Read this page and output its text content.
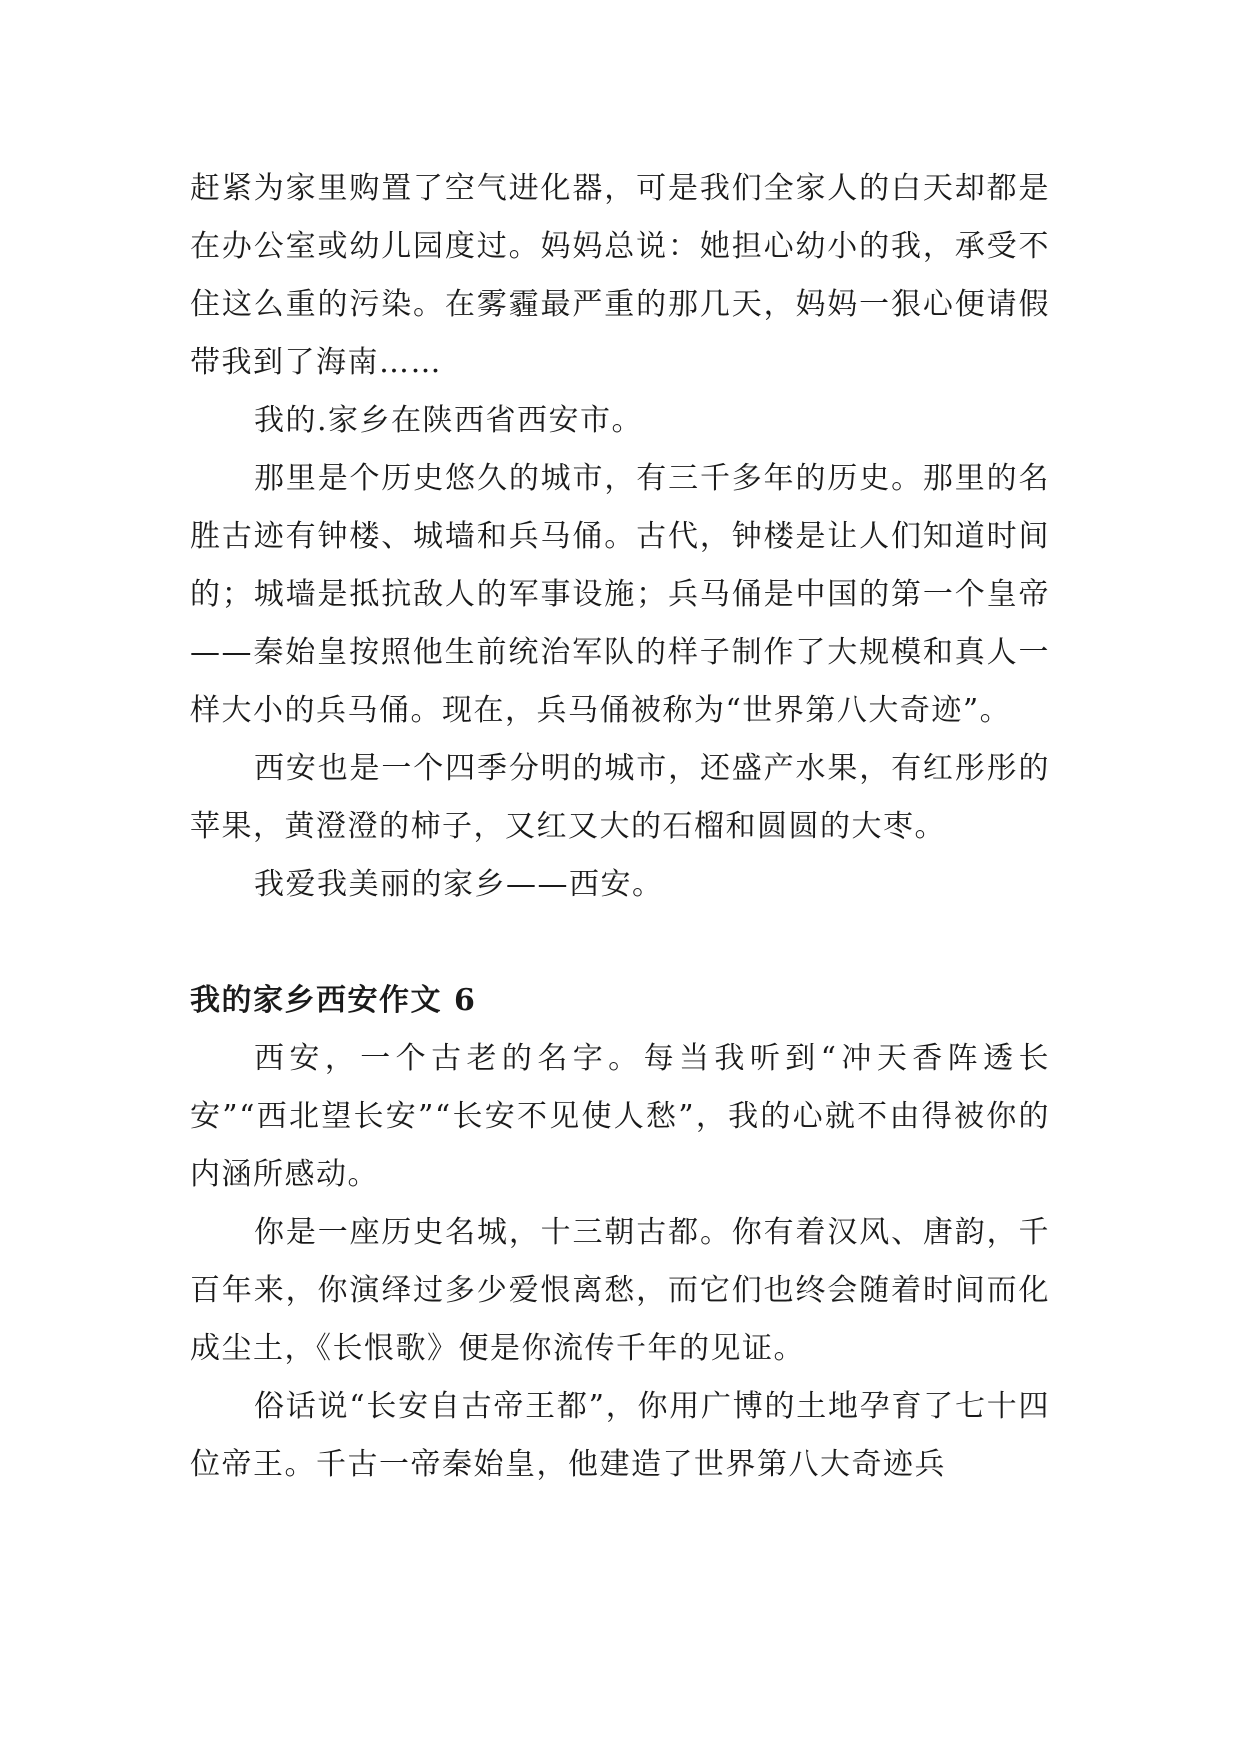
赶紧为家里购置了空气进化器，可是我们全家人的白天却都是在办公室或幼儿园度过。妈妈总说：她担心幼小的我，承受不住这么重的污染。在雾霾最严重的那几天，妈妈一狠心便请假带我到了海南……

我的.家乡在陕西省西安市。

那里是个历史悠久的城市，有三千多年的历史。那里的名胜古迹有钟楼、城墙和兵马俑。古代，钟楼是让人们知道时间的；城墙是抵抗敌人的军事设施；兵马俑是中国的第一个皇帝——秦始皇按照他生前统治军队的样子制作了大规模和真人一样大小的兵马俑。现在，兵马俑被称为“世界第八大奇迹”。

西安也是一个四季分明的城市，还盛产水果，有红彤彤的苹果，黄澄澄的柿子，又红又大的石榴和圆圆的大枣。

我爱我美丽的家乡——西安。

我的家乡西安作文 6

西安，一个古老的名字。每当我听到“冲天香阵透长安”“西北望长安”“长安不见使人愁”，我的心就不由得被你的内涵所感动。

你是一座历史名城，十三朝古都。你有着汉风、唐韵，千百年来，你演绎过多少爱恨离愁，而它们也终会随着时间而化成尘土，《长恨歌》便是你流传千年的见证。

俗话说“长安自古帝王都”，你用广博的土地孕育了七十四位帝王。千古一帝秦始皇，他建造了世界第八大奇迹兵
